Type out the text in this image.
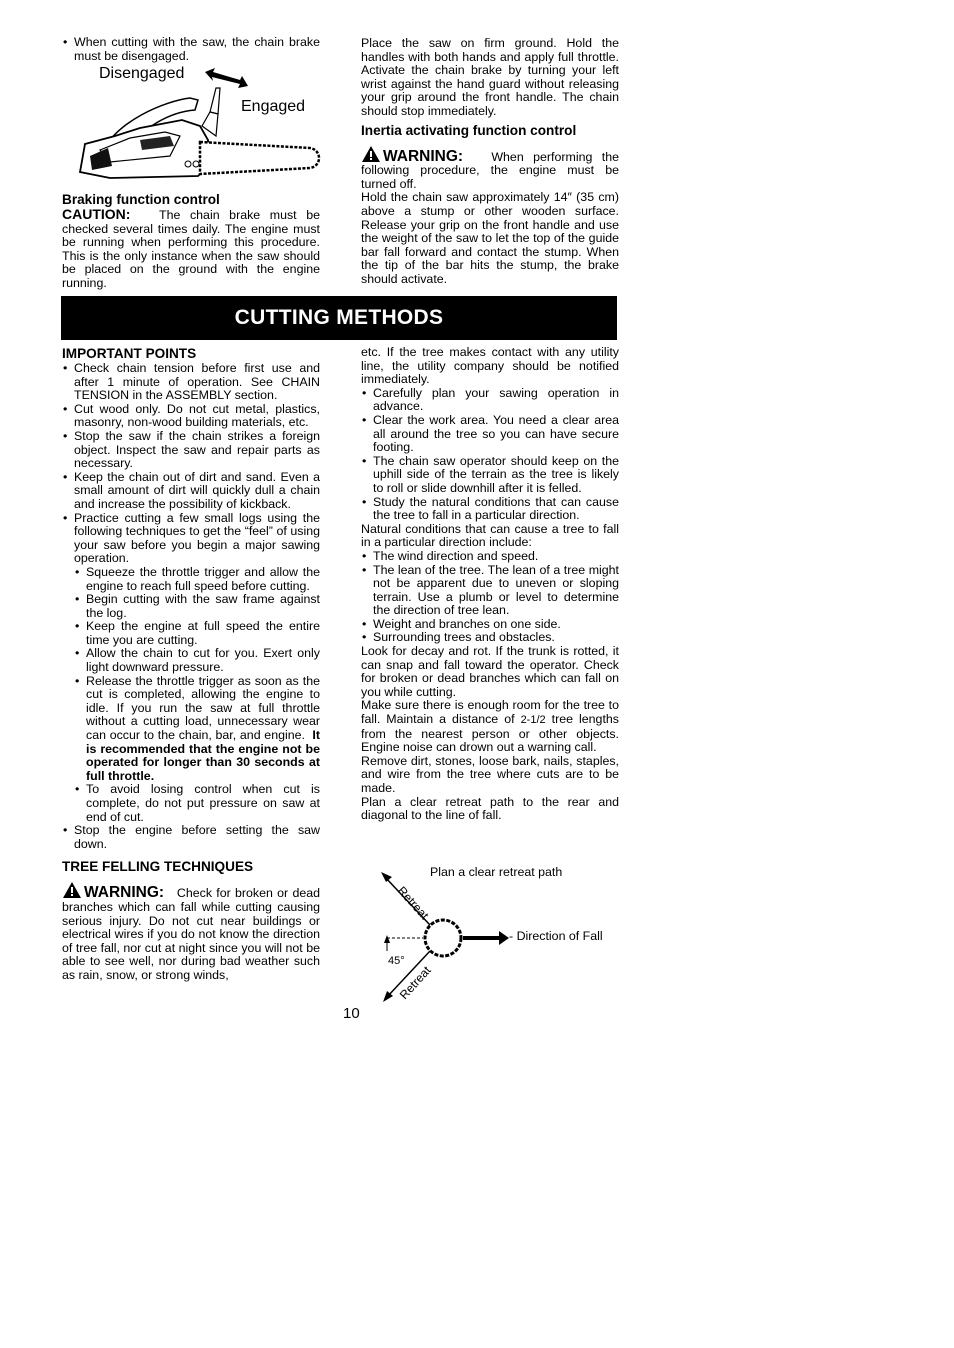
• When cutting with the saw, the chain brake must be disengaged.
Disengaged
Engaged
Braking function control

CAUTION: The chain brake must be checked several times daily. The engine must be running when performing this procedure. This is the only instance when the saw should be placed on the ground with the engine running.

Place the saw on firm ground. Hold the handles with both hands and apply full throttle. Activate the chain brake by turning your left wrist against the hand guard without releasing your grip around the front handle. The chain should stop immediately.

Inertia activating function control

WARNING: When performing the following procedure, the engine must be turned off.

Hold the chain saw approximately 14″ (35 cm) above a stump or other wooden surface. Release your grip on the front handle and use the weight of the saw to let the top of the guide bar fall forward and contact the stump. When the tip of the bar hits the stump, the brake should activate.

CUTTING METHODS
IMPORTANT POINTS
• Check chain tension before first use and after 1 minute of operation. See CHAIN TENSION in the ASSEMBLY section.
• Cut wood only. Do not cut metal, plastics, masonry, non-wood building materials, etc.
• Stop the saw if the chain strikes a foreign object. Inspect the saw and repair parts as necessary.
• Keep the chain out of dirt and sand. Even a small amount of dirt will quickly dull a chain and increase the possibility of kickback.
• Practice cutting a few small logs using the following techniques to get the “feel” of using your saw before you begin a major sawing operation.
• Squeeze the throttle trigger and allow the engine to reach full speed before cutting.
• Begin cutting with the saw frame against the log.
• Keep the engine at full speed the entire time you are cutting.
• Allow the chain to cut for you. Exert only light downward pressure.
• Release the throttle trigger as soon as the cut is completed, allowing the engine to idle. If you run the saw at full throttle without a cutting load, unnecessary wear can occur to the chain, bar, and engine. It is recommended that the engine not be operated for longer than 30 seconds at full throttle.
• To avoid losing control when cut is complete, do not put pressure on saw at end of cut.
• Stop the engine before setting the saw down.
TREE FELLING TECHNIQUES

WARNING: Check for broken or dead branches which can fall while cutting causing serious injury. Do not cut near buildings or electrical wires if you do not know the direction of tree fall, nor cut at night since you will not be able to see well, nor during bad weather such as rain, snow, or strong winds,

etc. If the tree makes contact with any utility line, the utility company should be notified immediately.

• Carefully plan your sawing operation in advance.
• Clear the work area. You need a clear area all around the tree so you can have secure footing.
• The chain saw operator should keep on the uphill side of the terrain as the tree is likely to roll or slide downhill after it is felled.
• Study the natural conditions that can cause the tree to fall in a particular direction.

Natural conditions that can cause a tree to fall in a particular direction include:

• The wind direction and speed.
• The lean of the tree. The lean of a tree might not be apparent due to uneven or sloping terrain. Use a plumb or level to determine the direction of tree lean.
• Weight and branches on one side.
• Surrounding trees and obstacles.

Look for decay and rot. If the trunk is rotted, it can snap and fall toward the operator. Check for broken or dead branches which can fall on you while cutting.

Make sure there is enough room for the tree to fall. Maintain a distance of 2-1/2 tree lengths from the nearest person or other objects. Engine noise can drown out a warning call.

Remove dirt, stones, loose bark, nails, staples, and wire from the tree where cuts are to be made.

Plan a clear retreat path to the rear and diagonal to the line of fall.

Plan a clear retreat path
Retreat
Retreat
45°
- Direction of Fall
10
